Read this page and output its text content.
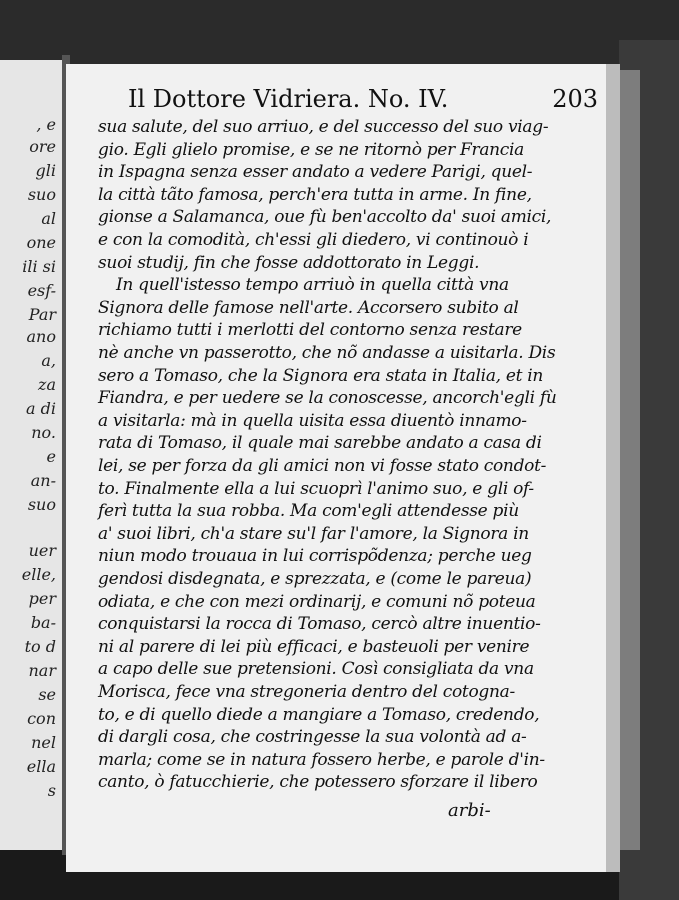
, e
ore
gli
suo
al
one
ili si
esf-
Par
ano
a,
za
a di
no.
e
an-
suo
uer
elle,
per
ba-
to d
nar
se
con
nel
ella
s
Il Dottore Vidriera. No. IV.	203
sua salute, del suo arriuo, e del successo del suo viag-
gio. Egli glielo promise, e se ne ritornò per Francia
in Ispagna senza esser andato a vedere Parigi, quel-
la città tãto famosa, perch'era tutta in arme. In fine,
gionse a Salamanca, oue fù ben'accolto da' suoi amici,
e con la comodità, ch'essi gli diedero, vi continouò i
suoi studij, fin che fosse addottorato in Leggi.
In quell'istesso tempo arriuò in quella città vna
Signora delle famose nell'arte. Accorsero subito al
richiamo tutti i merlotti del contorno senza restare
nè anche vn passerotto, che nõ andasse a uisitarla. Dis
sero a Tomaso, che la Signora era stata in Italia, et in
Fiandra, e per uedere se la conoscesse, ancorch'egli fù
a visitarla: mà in quella uisita essa diuentò innamo-
rata di Tomaso, il quale mai sarebbe andato a casa di
lei, se per forza da gli amici non vi fosse stato condot-
to. Finalmente ella a lui scuoprì l'animo suo, e gli of-
ferì tutta la sua robba. Ma com'egli attendesse più
a' suoi libri, ch'a stare su'l far l'amore, la Signora in
niun modo trouaua in lui corrispõdenza; perche ueg
gendosi disdegnata, e sprezzata, e (come le pareua)
odiata, e che con mezi ordinarij, e comuni nõ poteua
conquistarsi la rocca di Tomaso, cercò altre inuentio-
ni al parere di lei più efficaci, e basteuoli per venire
a capo delle sue pretensioni. Così consigliata da vna
Morisca, fece vna stregoneria dentro del cotogna-
to, e di quello diede a mangiare a Tomaso, credendo,
di dargli cosa, che costringesse la sua volontà ad a-
marla; come se in natura fossero herbe, e parole d'in-
canto, ò fatucchierie, che potessero sforzare il libero
arbi-
